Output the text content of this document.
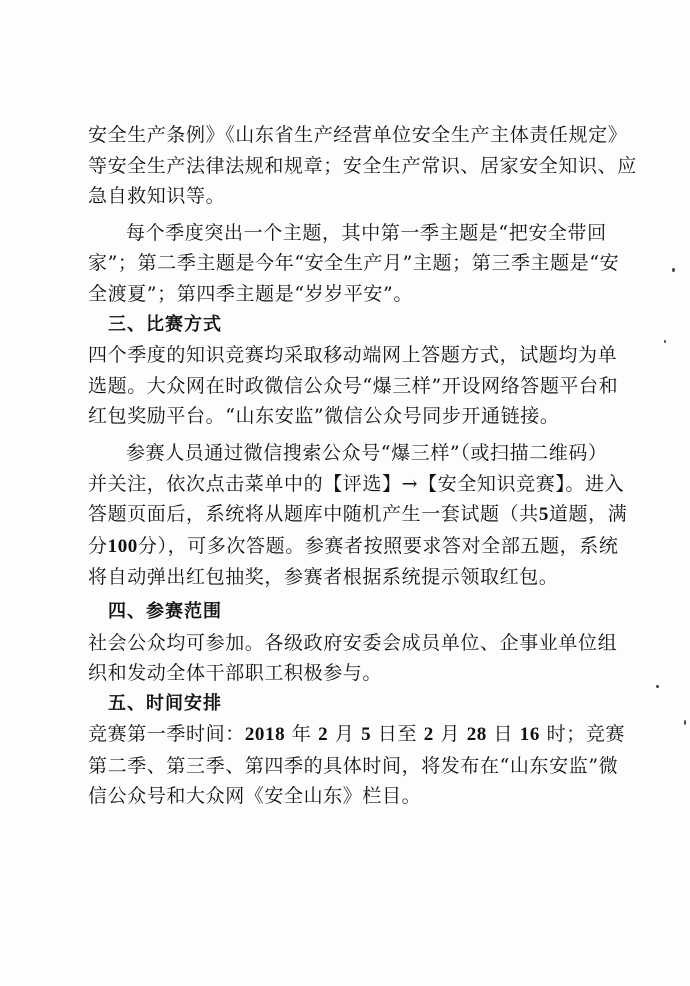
安全生产条例》《山东省生产经营单位安全生产主体责任规定》
等安全生产法律法规和规章；安全生产常识、居家安全知识、应
急自救知识等。
每个季度突出一个主题，其中第一季主题是“把安全带回
家”；第二季主题是今年“安全生产月”主题；第三季主题是“安
全渡夏”；第四季主题是“岁岁平安”。
三、比赛方式
四个季度的知识竞赛均采取移动端网上答题方式，试题均为单
选题。大众网在时政微信公众号“爆三样”开设网络答题平台和
红包奖励平台。“山东安监”微信公众号同步开通链接。
参赛人员通过微信搜索公众号“爆三样”（或扫描二维码）
并关注，依次点击菜单中的【评选】→【安全知识竞赛】。进入
答题页面后，系统将从题库中随机产生一套试题（共5道题，满
分100分），可多次答题。参赛者按照要求答对全部五题，系统
将自动弹出红包抽奖，参赛者根据系统提示领取红包。
四、参赛范围
社会公众均可参加。各级政府安委会成员单位、企事业单位组
织和发动全体干部职工积极参与。
五、时间安排
竞赛第一季时间：2018 年 2 月 5 日至 2 月 28 日 16 时；竞赛
第二季、第三季、第四季的具体时间，将发布在“山东安监”微
信公众号和大众网《安全山东》栏目。
